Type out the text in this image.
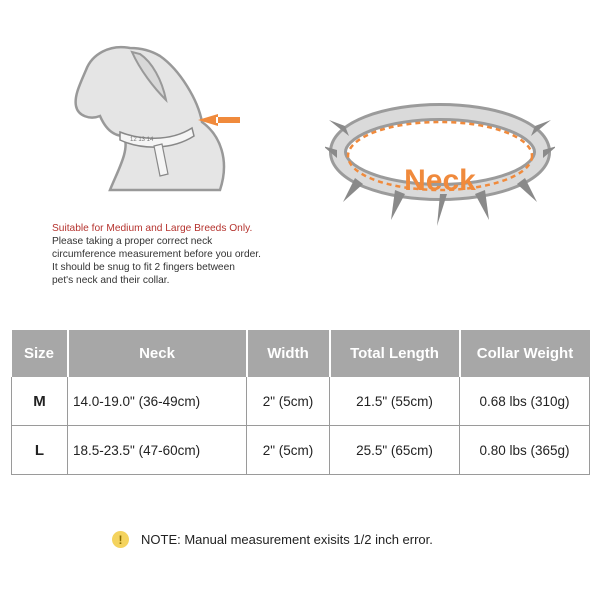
12 13 14
Neck
Suitable for Medium and Large Breeds Only.
Please taking a proper correct neck
circumference measurement before you order.
It should be snug to fit 2 fingers between
pet's neck and their collar.
Size	Neck	Width	Total Length	Collar Weight
M	14.0-19.0" (36-49cm)	2" (5cm)	21.5" (55cm)	0.68 lbs (310g)
L	18.5-23.5" (47-60cm)	2" (5cm)	25.5" (65cm)	0.80 lbs (365g)
!	NOTE: Manual measurement exisits 1/2 inch error.
